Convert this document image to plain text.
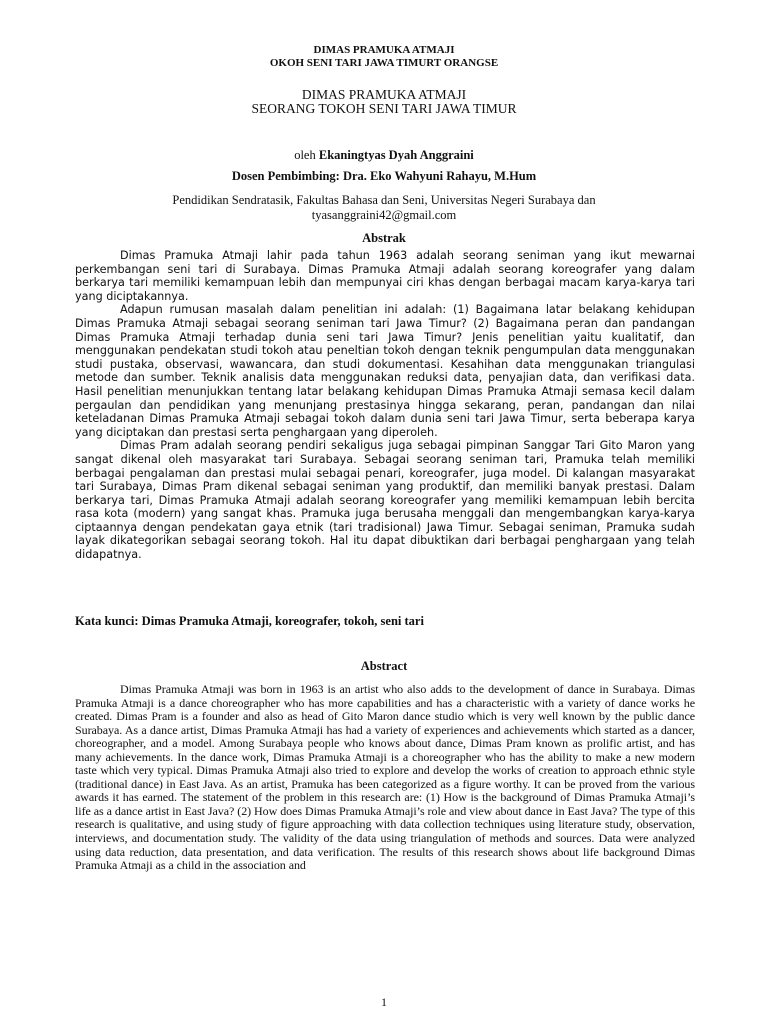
DIMAS PRAMUKA ATMAJI
OKOH SENI TARI JAWA TIMURT ORANGSE
DIMAS PRAMUKA ATMAJI
SEORANG TOKOH SENI TARI JAWA TIMUR
oleh Ekaningtyas Dyah Anggraini
Dosen Pembimbing: Dra. Eko Wahyuni Rahayu, M.Hum
Pendidikan Sendratasik, Fakultas Bahasa dan Seni, Universitas Negeri Surabaya dan
tyasanggraini42@gmail.com
Abstrak

Dimas Pramuka Atmaji lahir pada tahun 1963 adalah seorang seniman yang ikut mewarnai perkembangan seni tari di Surabaya. Dimas Pramuka Atmaji adalah seorang koreografer yang dalam berkarya tari memiliki kemampuan lebih dan mempunyai ciri khas dengan berbagai macam karya-karya tari yang diciptakannya.

Adapun rumusan masalah dalam penelitian ini adalah: (1) Bagaimana latar belakang kehidupan Dimas Pramuka Atmaji sebagai seorang seniman tari Jawa Timur? (2) Bagaimana peran dan pandangan Dimas Pramuka Atmaji terhadap dunia seni tari Jawa Timur? Jenis penelitian yaitu kualitatif, dan menggunakan pendekatan studi tokoh atau peneltian tokoh dengan teknik pengumpulan data menggunakan studi pustaka, observasi, wawancara, dan studi dokumentasi. Kesahihan data menggunakan triangulasi metode dan sumber. Teknik analisis data menggunakan reduksi data, penyajian data, dan verifikasi data. Hasil penelitian menunjukkan tentang latar belakang kehidupan Dimas Pramuka Atmaji semasa kecil dalam pergaulan dan pendidikan yang menunjang prestasinya hingga sekarang, peran, pandangan dan nilai keteladanan Dimas Pramuka Atmaji sebagai tokoh dalam dunia seni tari Jawa Timur, serta beberapa karya yang diciptakan dan prestasi serta penghargaan yang diperoleh.

Dimas Pram adalah seorang pendiri sekaligus juga sebagai pimpinan Sanggar Tari Gito Maron yang sangat dikenal oleh masyarakat tari Surabaya. Sebagai seorang seniman tari, Pramuka telah memiliki berbagai pengalaman dan prestasi mulai sebagai penari, koreografer, juga model. Di kalangan masyarakat tari Surabaya, Dimas Pram dikenal sebagai seniman yang produktif, dan memiliki banyak prestasi. Dalam berkarya tari, Dimas Pramuka Atmaji adalah seorang koreografer yang memiliki kemampuan lebih bercita rasa kota (modern) yang sangat khas. Pramuka juga berusaha menggali dan mengembangkan karya-karya ciptaannya dengan pendekatan gaya etnik (tari tradisional) Jawa Timur. Sebagai seniman, Pramuka sudah layak dikategorikan sebagai seorang tokoh. Hal itu dapat dibuktikan dari berbagai penghargaan yang telah didapatnya.

Kata kunci: Dimas Pramuka Atmaji, koreografer, tokoh, seni tari
Abstract

Dimas Pramuka Atmaji was born in 1963 is an artist who also adds to the development of dance in Surabaya. Dimas Pramuka Atmaji is a dance choreographer who has more capabilities and has a characteristic with a variety of dance works he created. Dimas Pram is a founder and also as head of Gito Maron dance studio which is very well known by the public dance Surabaya. As a dance artist, Dimas Pramuka Atmaji has had a variety of experiences and achievements which started as a dancer, choreographer, and a model. Among Surabaya people who knows about dance, Dimas Pram known as prolific artist, and has many achievements. In the dance work, Dimas Pramuka Atmaji is a choreographer who has the ability to make a new modern taste which very typical. Dimas Pramuka Atmaji also tried to explore and develop the works of creation to approach ethnic style (traditional dance) in East Java. As an artist, Pramuka has been categorized as a figure worthy. It can be proved from the various awards it has earned. The statement of the problem in this research are: (1) How is the background of Dimas Pramuka Atmaji’s life as a dance artist in East Java? (2) How does Dimas Pramuka Atmaji’s role and view about dance in East Java? The type of this research is qualitative, and using study of figure approaching with data collection techniques using literature study, observation, interviews, and documentation study. The validity of the data using triangulation of methods and sources. Data were analyzed using data reduction, data presentation, and data verification. The results of this research shows about life background Dimas Pramuka Atmaji as a child in the association and

1
